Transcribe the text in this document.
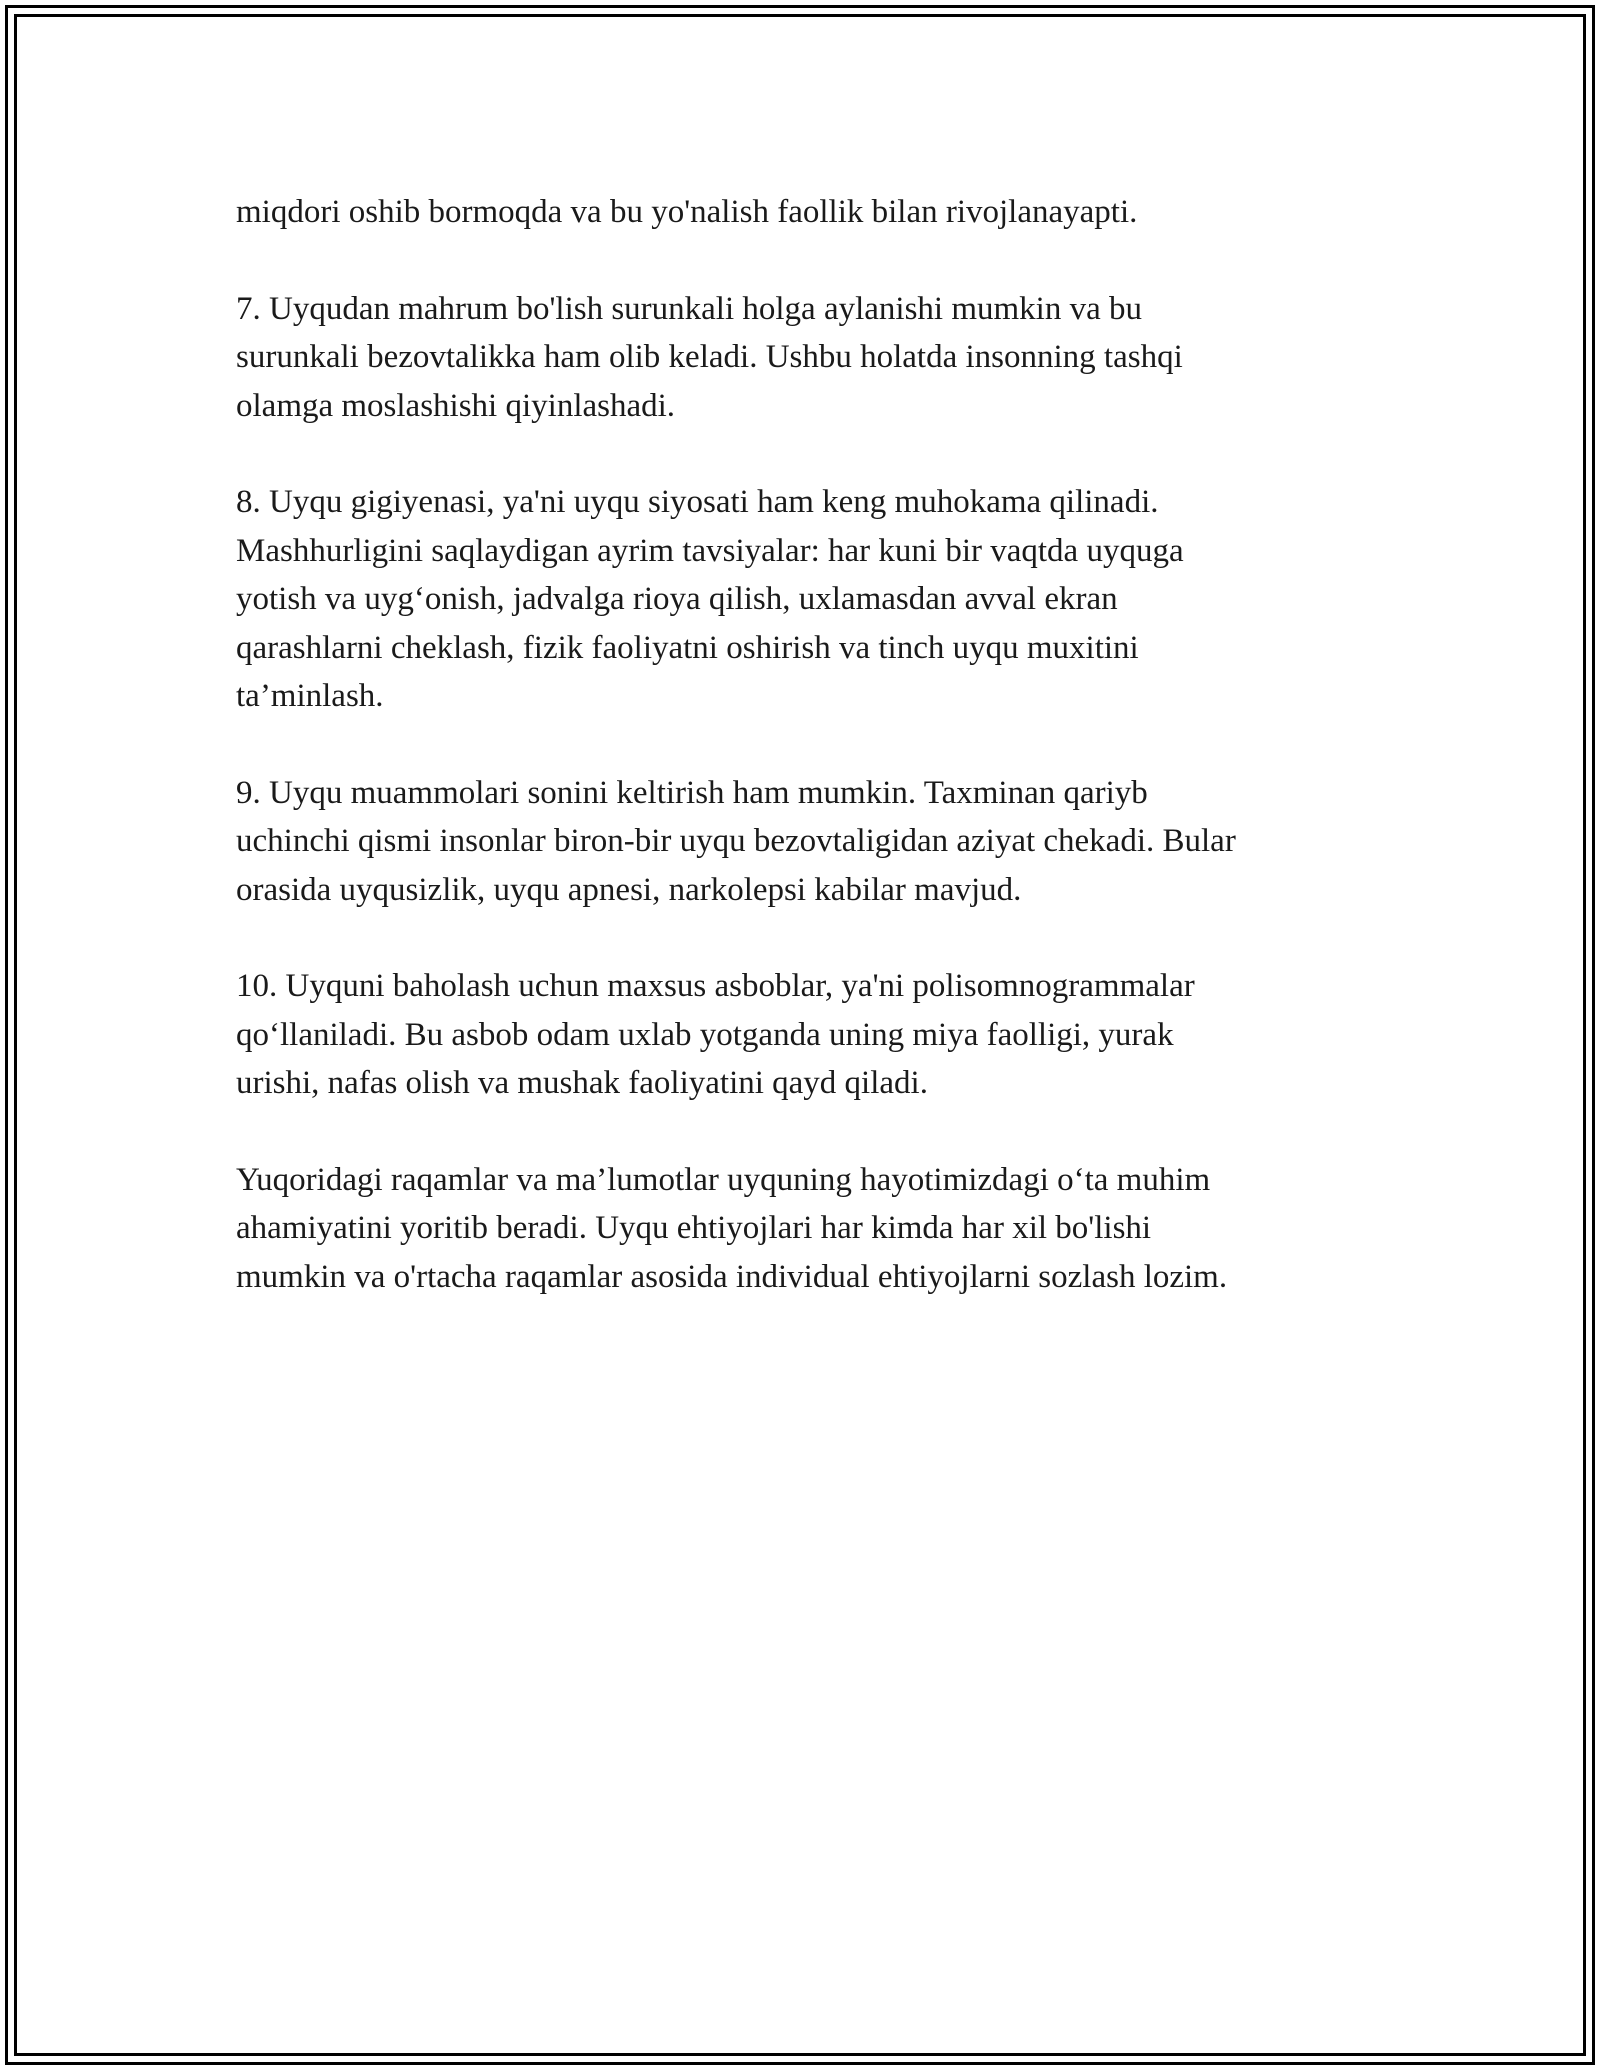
miqdori oshib bormoqda va bu yo'nalish faollik bilan rivojlanayapti.

7. Uyqudan mahrum bo'lish surunkali holga aylanishi mumkin va bu
surunkali bezovtalikka ham olib keladi. Ushbu holatda insonning tashqi
olamga moslashishi qiyinlashadi.

8. Uyqu gigiyenasi, ya'ni uyqu siyosati ham keng muhokama qilinadi.
Mashhurligini saqlaydigan ayrim tavsiyalar: har kuni bir vaqtda uyquga
yotish va uyg‘onish, jadvalga rioya qilish, uxlamasdan avval ekran
qarashlarni cheklash, fizik faoliyatni oshirish va tinch uyqu muxitini
ta’minlash.

9. Uyqu muammolari sonini keltirish ham mumkin. Taxminan qariyb
uchinchi qismi insonlar biron-bir uyqu bezovtaligidan aziyat chekadi. Bular
orasida uyqusizlik, uyqu apnesi, narkolepsi kabilar mavjud.

10. Uyquni baholash uchun maxsus asboblar, ya'ni polisomnogrammalar
qo‘llaniladi. Bu asbob odam uxlab yotganda uning miya faolligi, yurak
urishi, nafas olish va mushak faoliyatini qayd qiladi.

Yuqoridagi raqamlar va ma’lumotlar uyquning hayotimizdagi o‘ta muhim
ahamiyatini yoritib beradi. Uyqu ehtiyojlari har kimda har xil bo'lishi
mumkin va o'rtacha raqamlar asosida individual ehtiyojlarni sozlash lozim.
